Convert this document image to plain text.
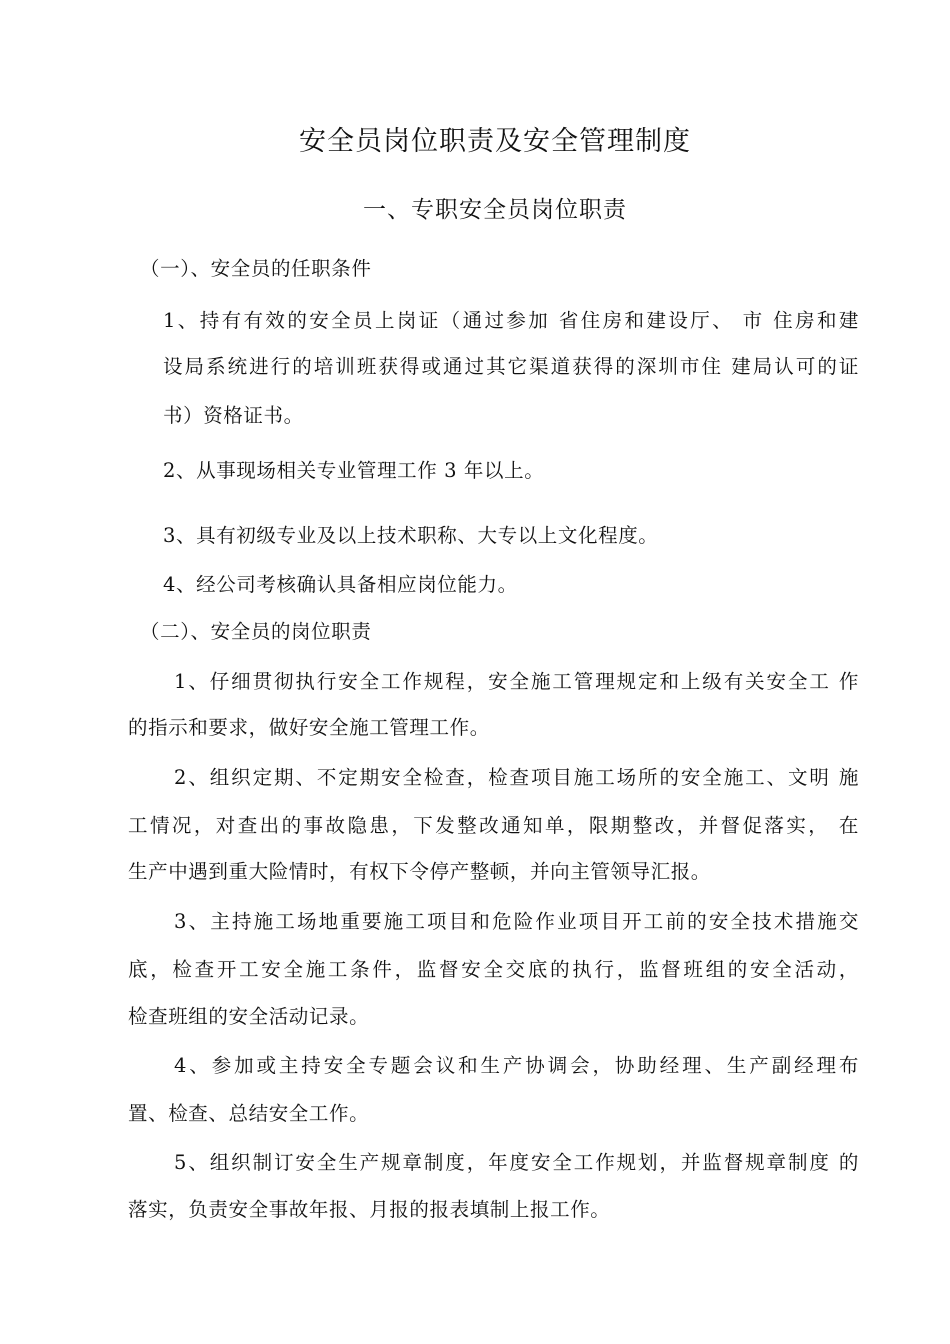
安全员岗位职责及安全管理制度
一、专职安全员岗位职责

（一）、安全员的任职条件

1、持有有效的安全员上岗证（通过参加 省住房和建设厅、 市 住房和建

设局系统进行的培训班获得或通过其它渠道获得的深圳市住 建局认可的证

书）资格证书。

2、从事现场相关专业管理工作 3 年以上。

3、具有初级专业及以上技术职称、大专以上文化程度。

4、经公司考核确认具备相应岗位能力。

（二）、安全员的岗位职责

1、仔细贯彻执行安全工作规程，安全施工管理规定和上级有关安全工 作

的指示和要求，做好安全施工管理工作。

2、组织定期、不定期安全检查，检查项目施工场所的安全施工、文明 施

工情况，对查出的事故隐患，下发整改通知单，限期整改，并督促落实， 在

生产中遇到重大险情时，有权下令停产整顿，并向主管领导汇报。

3、主持施工场地重要施工项目和危险作业项目开工前的安全技术措施交

底，检查开工安全施工条件，监督安全交底的执行，监督班组的安全活动，

检查班组的安全活动记录。

4、参加或主持安全专题会议和生产协调会，协助经理、生产副经理布

置、检查、总结安全工作。

5、组织制订安全生产规章制度，年度安全工作规划，并监督规章制度 的

落实，负责安全事故年报、月报的报表填制上报工作。
